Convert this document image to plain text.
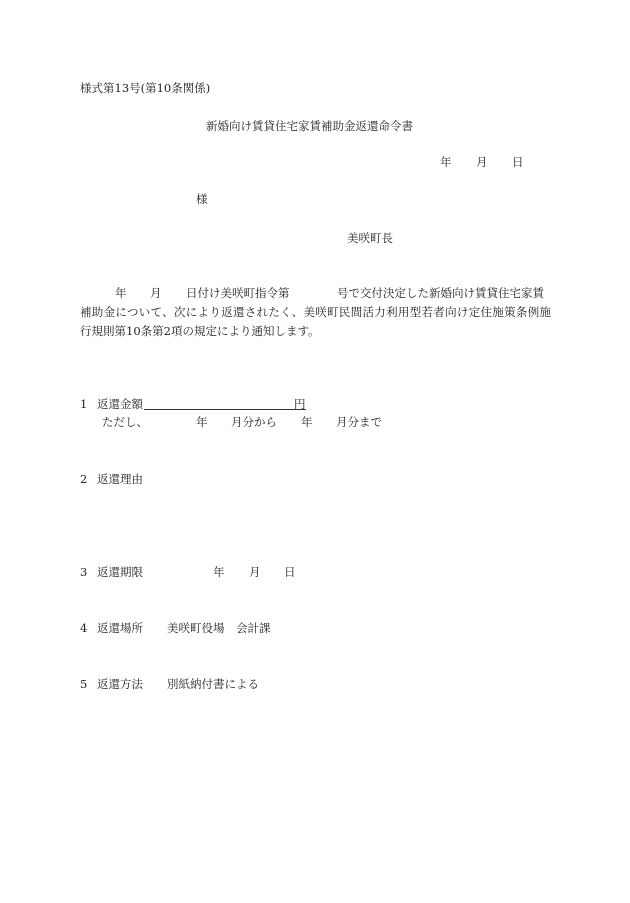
様式第13号(第10条関係)
新婚向け賃貸住宅家賃補助金返還命令書
年 月 日
様
美咲町長
年 月 日付け美咲町指令第	号で交付決定した新婚向け賃貸住宅家賃
補助金について、次により返還されたく、美咲町民間活力利用型若者向け定住施策条例施
行規則第10条第2項の規定により通知します。
1 返還金額	円
ただし、	年 月分から 年 月分まで
2 返還理由
3 返還期限	年 月 日
4 返還場所 美咲町役場　会計課
5 返還方法 別紙納付書による
